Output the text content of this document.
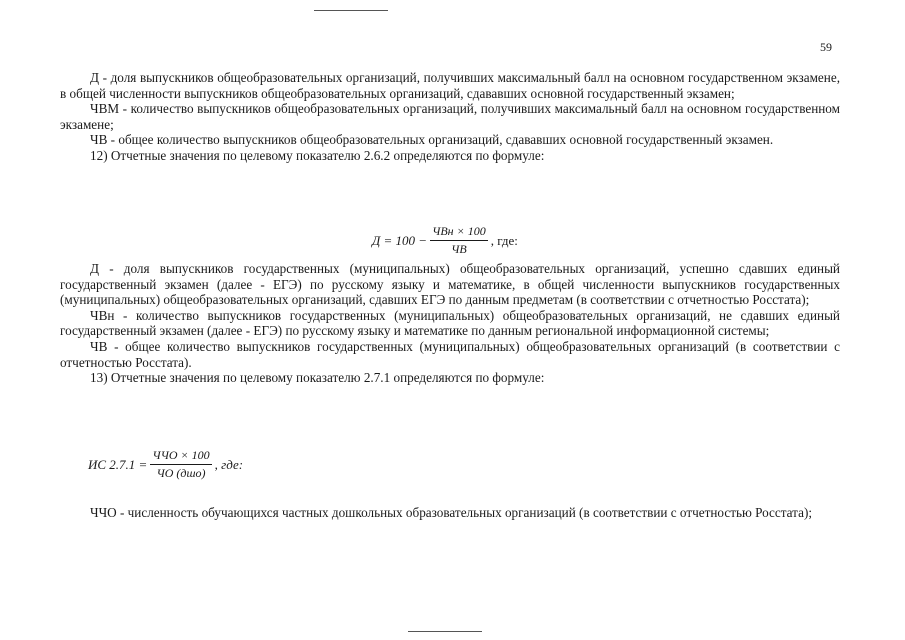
59

Д - доля выпускников общеобразовательных организаций, получивших максимальный балл на основном государственном экзамене, в общей численности выпускников общеобразовательных организаций, сдававших основной государственный экзамен;

ЧВМ - количество выпускников общеобразовательных организаций, получивших максимальный балл на основном государственном экзамене;

ЧВ - общее количество выпускников общеобразовательных организаций, сдававших основной государственный экзамен.

12) Отчетные значения по целевому показателю 2.6.2 определяются по формуле:

$Д = 100 - \frac{\text{ЧВн × 100}}{ЧВ}$ , где:

Д - доля выпускников государственных (муниципальных) общеобразовательных организаций, успешно сдавших единый государственный экзамен (далее - ЕГЭ) по русскому языку и математике, в общей численности выпускников государственных (муниципальных) общеобразовательных организаций, сдавших ЕГЭ по данным предметам (в соответствии с отчетностью Росстата);

ЧВн - количество выпускников государственных (муниципальных) общеобразовательных организаций, не сдавших единый государственный экзамен (далее - ЕГЭ) по русскому языку и математике по данным региональной информационной системы;

ЧВ - общее количество выпускников государственных (муниципальных) общеобразовательных организаций (в соответствии с отчетностью Росстата).

13) Отчетные значения по целевому показателю 2.7.1 определяются по формуле:

ИС $2.7.1 = \frac{\text{ЧЧО × 100}}{\text{ЧО (дшо)}}$ , где:

ЧЧО - численность обучающихся частных дошкольных образовательных организаций (в соответствии с отчетностью Росстата);
